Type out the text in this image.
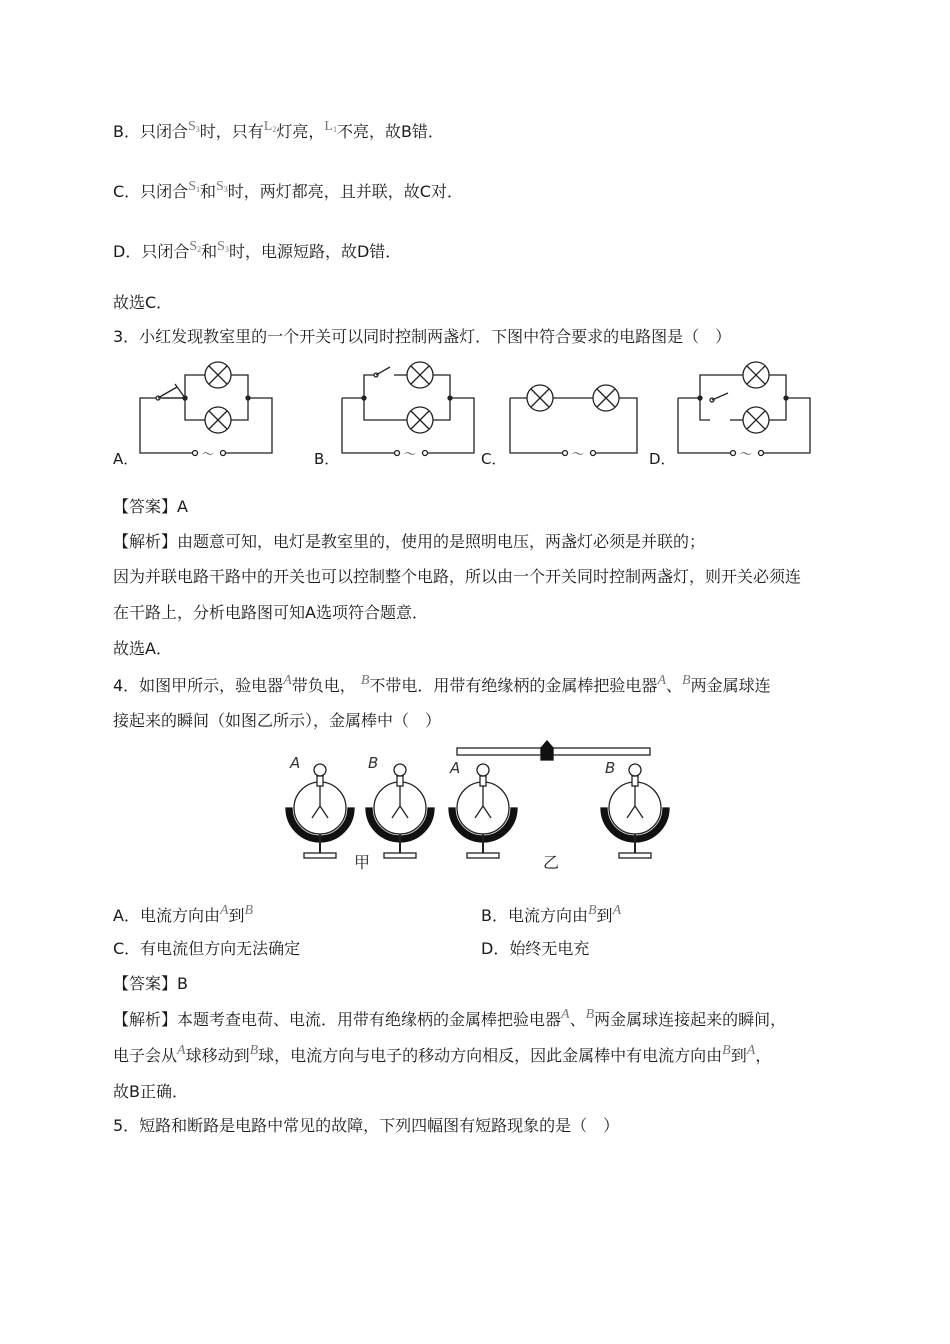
B．只闭合$S_3$时，只有$L_2$灯亮，$L_1$不亮，故B错．
C．只闭合$S_1$和$S_3$时，两灯都亮，且并联，故C对．
D．只闭合$S_2$和$S_3$时，电源短路，故D错．
故选C．
3．小红发现教室里的一个开关可以同时控制两盏灯．下图中符合要求的电路图是（　）
～	～	～	～
A．	B．	C．	D．
【答案】A
【解析】由题意可知，电灯是教室里的，使用的是照明电压，两盏灯必须是并联的；
因为并联电路干路中的开关也可以控制整个电路，所以由一个开关同时控制两盏灯，则开关必须连
在干路上，分析电路图可知A选项符合题意．
故选A．
4．如图甲所示，验电器A带负电， B不带电．用带有绝缘柄的金属棒把验电器A、B两金属球连
接起来的瞬间（如图乙所示），金属棒中（　）
A	B	A	B
甲	乙
A．电流方向由A到B	B．电流方向由B到A
C．有电流但方向无法确定	D．始终无电充
【答案】B
【解析】本题考查电荷、电流．用带有绝缘柄的金属棒把验电器A、B两金属球连接起来的瞬间，
电子会从A球移动到B球，电流方向与电子的移动方向相反，因此金属棒中有电流方向由B到A，
故B正确．
5．短路和断路是电路中常见的故障，下列四幅图有短路现象的是（　）
